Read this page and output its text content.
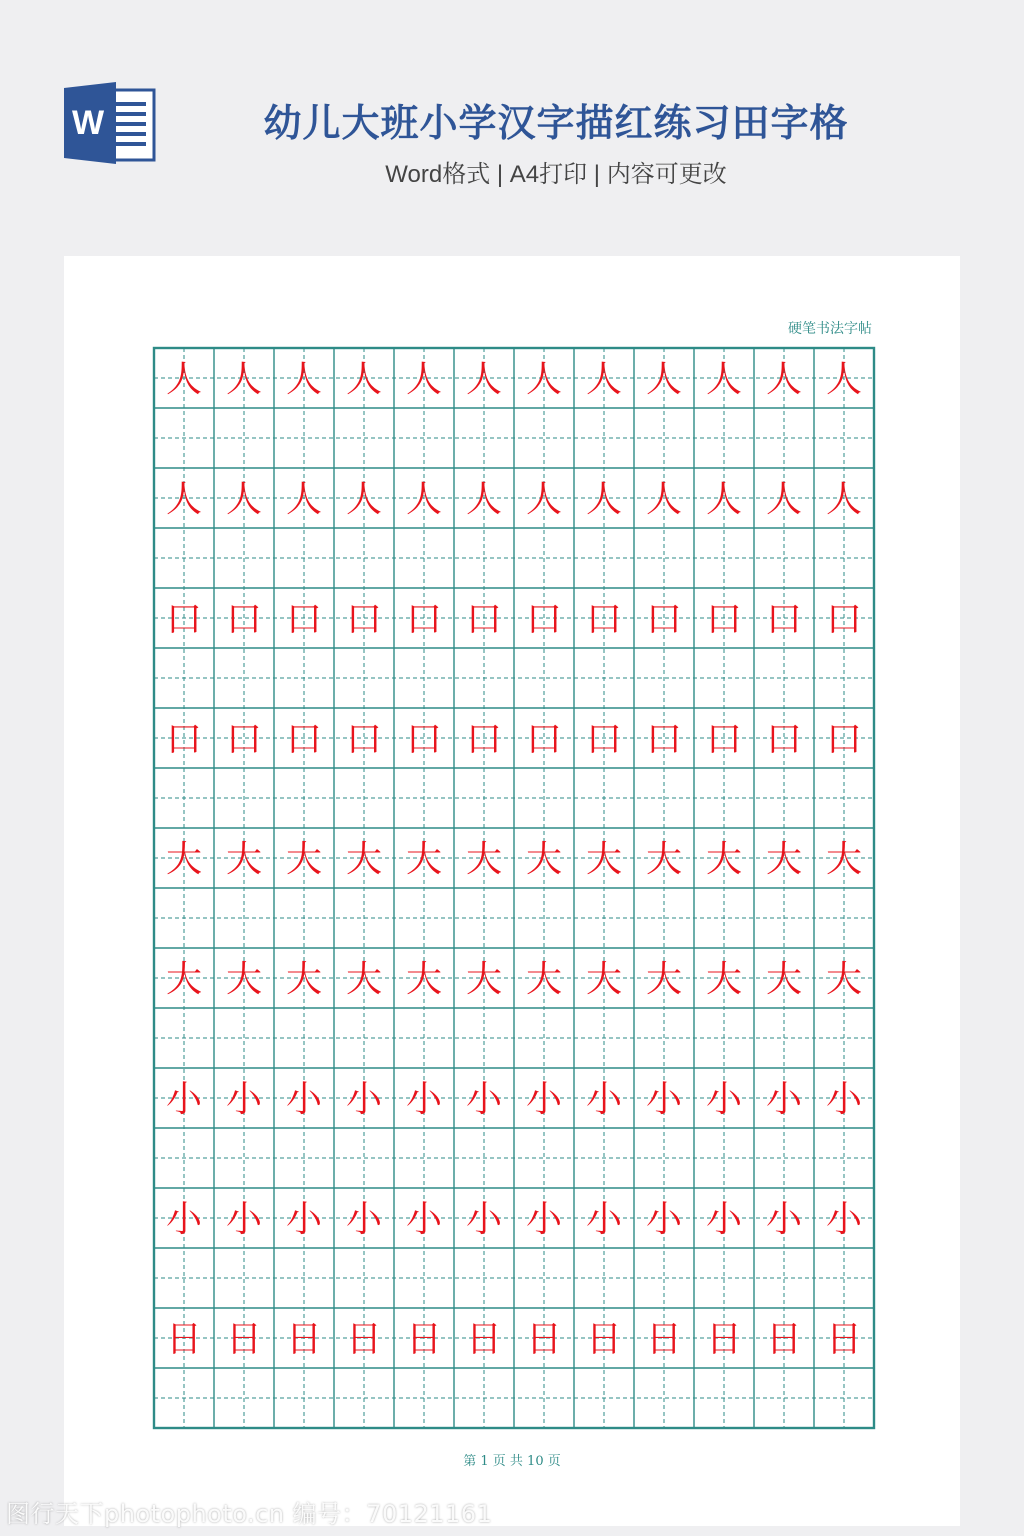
W	幼儿大班小学汉字描红练习田字格
Word格式 | A4打印 | 内容可更改
硬笔书法字帖
人 人 人 人 人 人 人 人 人 人 人 人
人 人 人 人 人 人 人 人 人 人 人 人
口 口 口 口 口 口 口 口 口 口 口 口
口 口 口 口 口 口 口 口 口 口 口 口
大 大 大 大 大 大 大 大 大 大 大 大
大 大 大 大 大 大 大 大 大 大 大 大
小 小 小 小 小 小 小 小 小 小 小 小
小 小 小 小 小 小 小 小 小 小 小 小
日 日 日 日 日 日 日 日 日 日 日 日
第 1 页 共 10 页
图行天下photophoto.cn 编号：70121161
